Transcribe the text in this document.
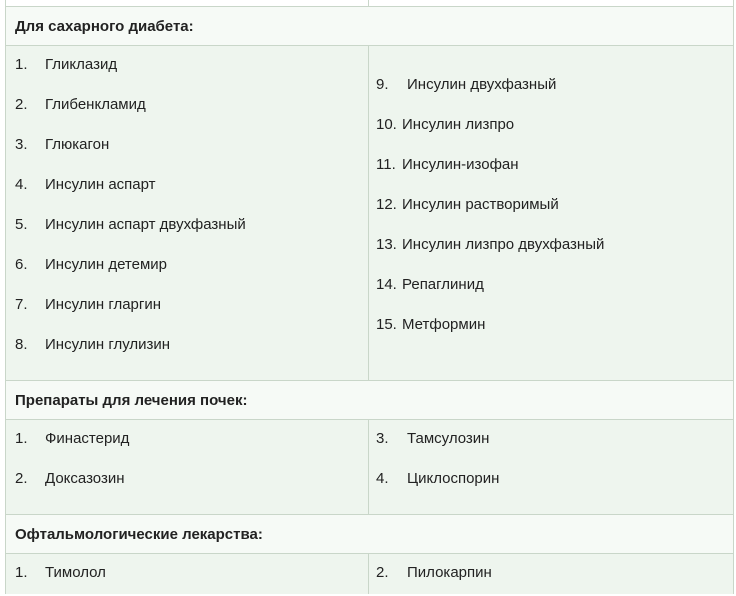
Для сахарного диабета:
1. Гликлазид
2. Глибенкламид
3. Глюкагон
4. Инсулин аспарт
5. Инсулин аспарт двухфазный
6. Инсулин детемир
7. Инсулин гларгин
8. Инсулин глулизин
9. Инсулин двухфазный
10. Инсулин лизпро
11. Инсулин-изофан
12. Инсулин растворимый
13. Инсулин лизпро двухфазный
14. Репаглинид
15. Метформин
Препараты для лечения почек:
1. Финастерид
2. Доксазозин
3. Тамсулозин
4. Циклоспорин
Офтальмологические лекарства:
1. Тимолол	2. Пилокарпин
